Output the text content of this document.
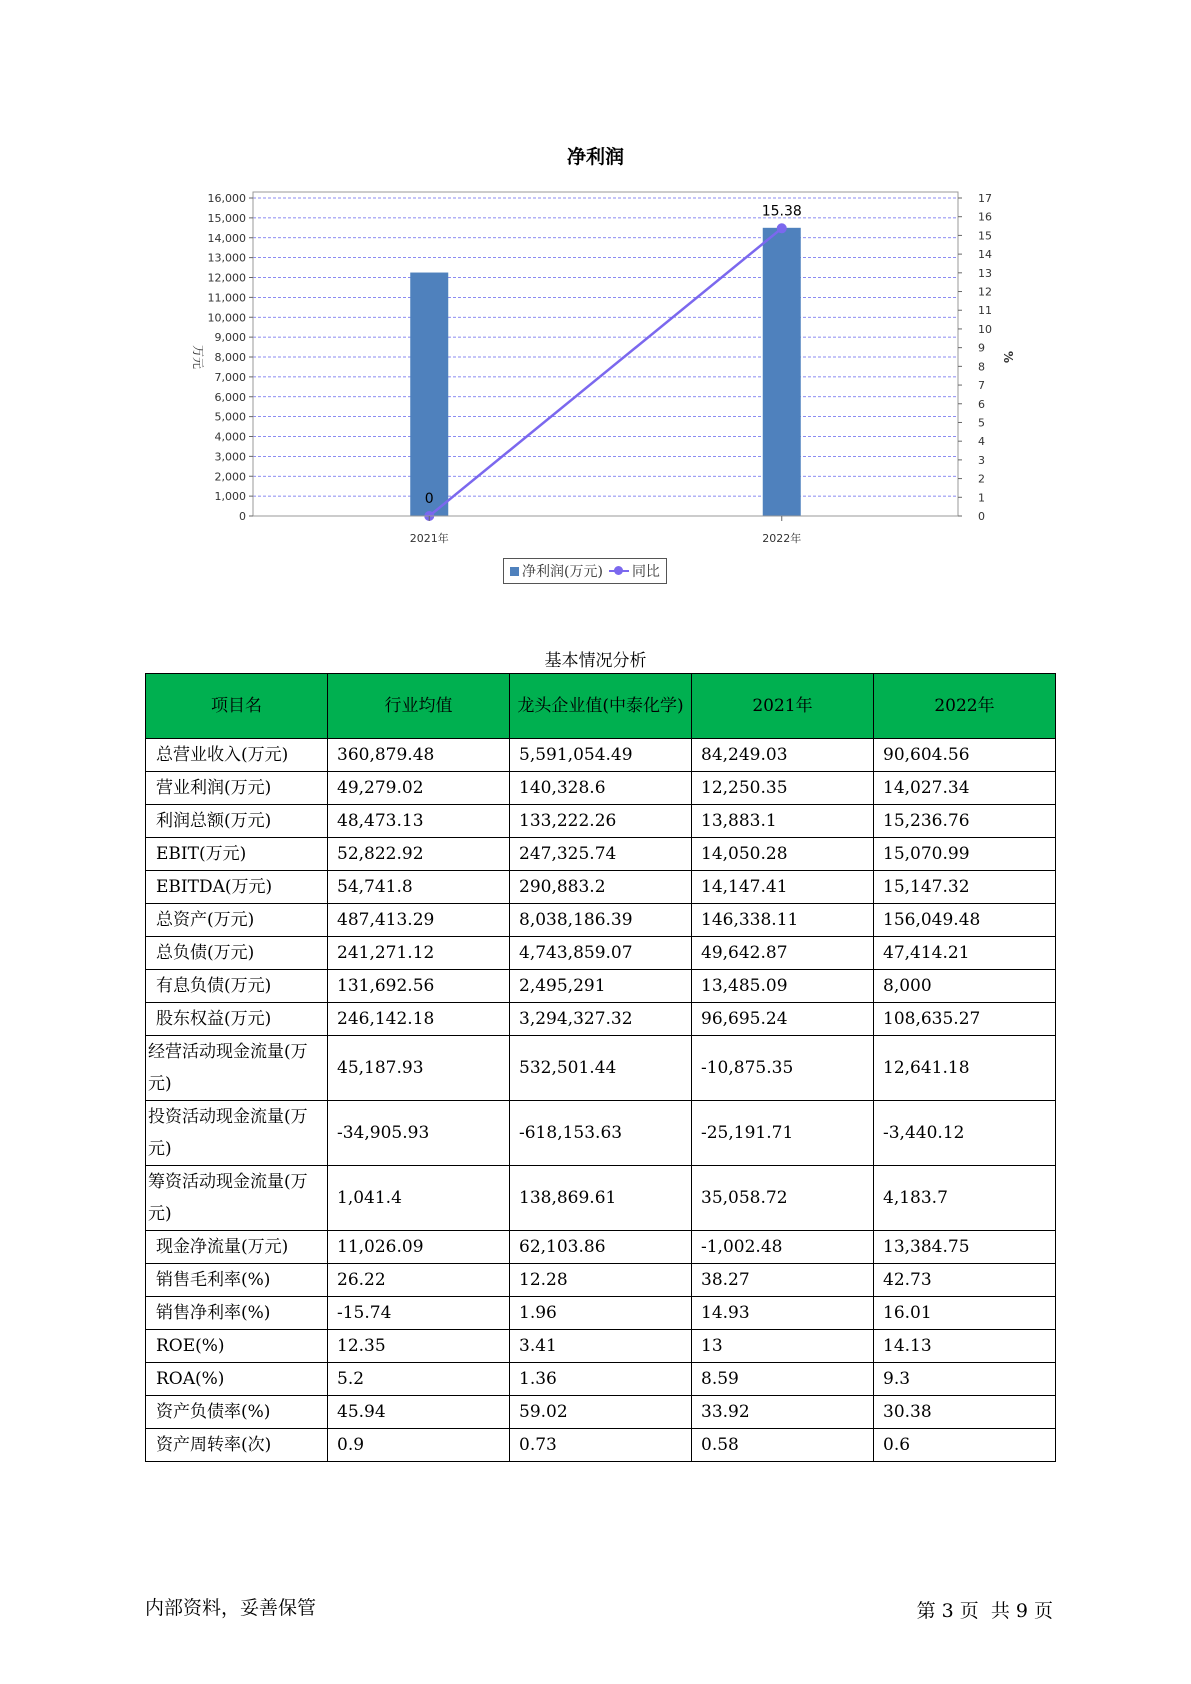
净利润
0
15.38
0
1,000
2,000
3,000
4,000
5,000
6,000
7,000
8,000
9,000
10,000
11,000
12,000
13,000
14,000
15,000
16,000
0
1
2
3
4
5
6
7
8
9
10
11
12
13
14
15
16
17
2021年	2022年
万元	%
净利润(万元) 同比
基本情况分析
项目名	行业均值	龙头企业值(中泰化学)	2021年	2022年
总营业收入(万元)	360,879.48	5,591,054.49	84,249.03	90,604.56
营业利润(万元)	49,279.02	140,328.6	12,250.35	14,027.34
利润总额(万元)	48,473.13	133,222.26	13,883.1	15,236.76
EBIT(万元)	52,822.92	247,325.74	14,050.28	15,070.99
EBITDA(万元)	54,741.8	290,883.2	14,147.41	15,147.32
总资产(万元)	487,413.29	8,038,186.39	146,338.11	156,049.48
总负债(万元)	241,271.12	4,743,859.07	49,642.87	47,414.21
有息负债(万元)	131,692.56	2,495,291	13,485.09	8,000
股东权益(万元)	246,142.18	3,294,327.32	96,695.24	108,635.27
经营活动现金流量(万元)	45,187.93	532,501.44	-10,875.35	12,641.18
投资活动现金流量(万元)	-34,905.93	-618,153.63	-25,191.71	-3,440.12
筹资活动现金流量(万元)	1,041.4	138,869.61	35,058.72	4,183.7
现金净流量(万元)	11,026.09	62,103.86	-1,002.48	13,384.75
销售毛利率(%)	26.22	12.28	38.27	42.73
销售净利率(%)	-15.74	1.96	14.93	16.01
ROE(%)	12.35	3.41	13	14.13
ROA(%)	5.2	1.36	8.59	9.3
资产负债率(%)	45.94	59.02	33.92	30.38
资产周转率(次)	0.9	0.73	0.58	0.6
内部资料，妥善保管	第 3 页  共 9 页
